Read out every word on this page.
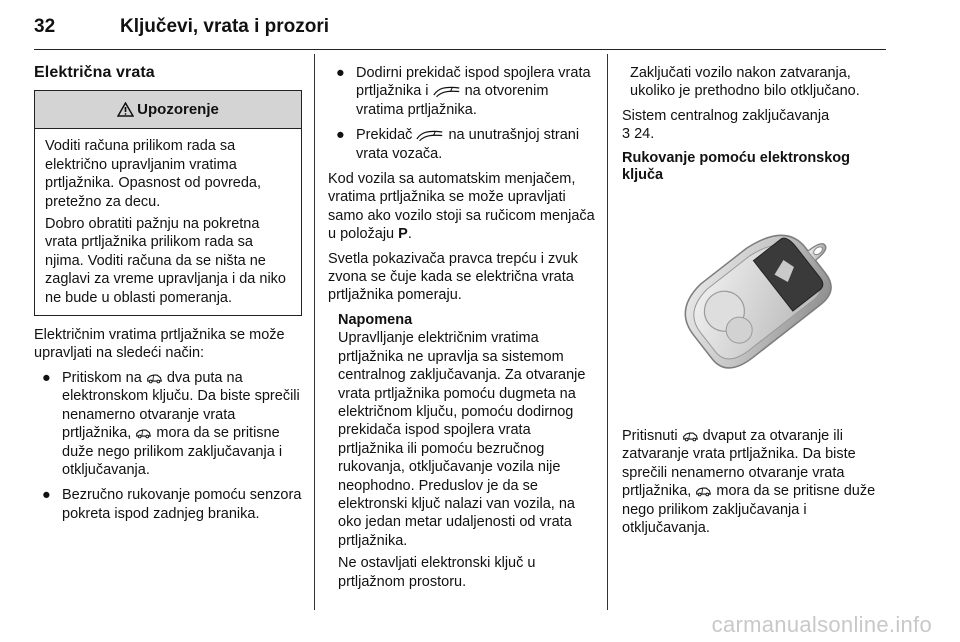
32	Ključevi, vrata i prozori
Električna vrata
Upozorenje

Voditi računa prilikom rada sa električno upravljanim vratima prtljažnika. Opasnost od povreda, pretežno za decu.

Dobro obratiti pažnju na pokretna vrata prtljažnika prilikom rada sa njima. Voditi računa da se ništa ne zaglavi za vreme upravljanja i da niko ne bude u oblasti pomeranja.

Električnim vratima prtljažnika se može upravljati na sledeći način:

● Pritiskom na dva puta na elektronskom ključu. Da biste sprečili nenamerno otvaranje vrata prtljažnika, mora da se pritisne duže nego prilikom zaključavanja i otključavanja.
● Bezručno rukovanje pomoću senzora pokreta ispod zadnjeg branika.
● Dodirni prekidač ispod spojlera vrata prtljažnika i na otvorenim vratima prtljažnika.
● Prekidač na unutrašnjoj strani vrata vozača.

Kod vozila sa automatskim menjačem, vratima prtljažnika se može upravljati samo ako vozilo stoji sa ručicom menjača u položaju P.

Svetla pokazivača pravca trepću i zvuk zvona se čuje kada se električna vrata prtljažnika pomeraju.

Napomena

Upravlljanje električnim vratima prtljažnika ne upravlja sa sistemom centralnog zaključavanja. Za otvaranje vrata prtljažnika pomoću dugmeta na električnom ključu, pomoću dodirnog prekidača ispod spojlera vrata prtljažnika ili pomoću bezručnog rukovanja, otključavanje vozila nije neophodno. Preduslov je da se elektronski ključ nalazi van vozila, na oko jedan metar udaljenosti od vrata prtljažnika.

Ne ostavljati elektronski ključ u prtljažnom prostoru.

Zaključati vozilo nakon zatvaranja, ukoliko je prethodno bilo otključano.

Sistem centralnog zaključavanja
3 24.

Rukovanje pomoću elektronskog ključa

Pritisnuti dvaput za otvaranje ili zatvaranje vrata prtljažnika. Da biste sprečili nenamerno otvaranje vrata prtljažnika, mora da se pritisne duže nego prilikom zaključavanja i otključavanja.

carmanualsonline.info
